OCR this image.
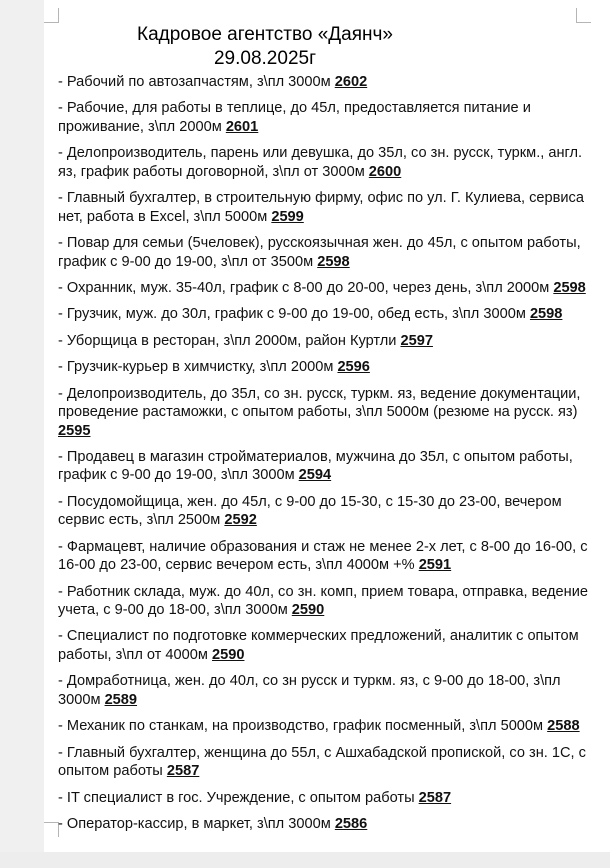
Кадровое агентство «Даянч»
29.08.2025г

- Рабочий по автозапчастям, з\пл 3000м 2602

- Рабочие, для работы в теплице, до 45л, предоставляется питание и проживание, з\пл 2000м 2601

- Делопроизводитель, парень или девушка, до 35л, со зн. русск, туркм., англ. яз, график работы договорной, з\пл от 3000м 2600

- Главный бухгалтер, в строительную фирму, офис по ул. Г. Кулиева, сервиса нет, работа в Excel, з\пл 5000м 2599

- Повар для семьи (5человек), русскоязычная жен. до 45л, с опытом работы, график с 9-00 до 19-00, з\пл от 3500м 2598

- Охранник, муж. 35-40л, график с 8-00 до 20-00, через день, з\пл 2000м 2598

- Грузчик, муж. до 30л, график с 9-00 до 19-00, обед есть, з\пл 3000м 2598

- Уборщица в ресторан, з\пл 2000м, район Куртли 2597

- Грузчик-курьер в химчистку, з\пл 2000м 2596

- Делопроизводитель, до 35л, со зн. русск, туркм. яз, ведение документации, проведение растаможки, с опытом работы, з\пл 5000м (резюме на русск. яз) 2595

- Продавец в магазин стройматериалов, мужчина до 35л, с опытом работы, график с 9-00 до 19-00, з\пл 3000м 2594

- Посудомойщица, жен. до 45л, с 9-00 до 15-30, с 15-30 до 23-00, вечером сервис есть, з\пл 2500м 2592

- Фармацевт, наличие образования и стаж не менее 2-х лет, с 8-00 до 16-00, с 16-00 до 23-00, сервис вечером есть, з\пл 4000м +% 2591

- Работник склада, муж. до 40л, со зн. комп, прием товара, отправка, ведение учета, с 9-00 до 18-00, з\пл 3000м 2590

- Специалист по подготовке коммерческих предложений, аналитик с опытом работы, з\пл от 4000м 2590

- Домработница, жен. до 40л, со зн русск и туркм. яз, с 9-00 до 18-00, з\пл 3000м 2589

- Механик по станкам, на производство, график посменный, з\пл 5000м 2588

- Главный бухгалтер, женщина до 55л, с Ашхабадской пропиской, со зн. 1С, с опытом работы 2587

- IT специалист в гос. Учреждение, с опытом работы 2587

- Оператор-кассир, в маркет, з\пл 3000м 2586
